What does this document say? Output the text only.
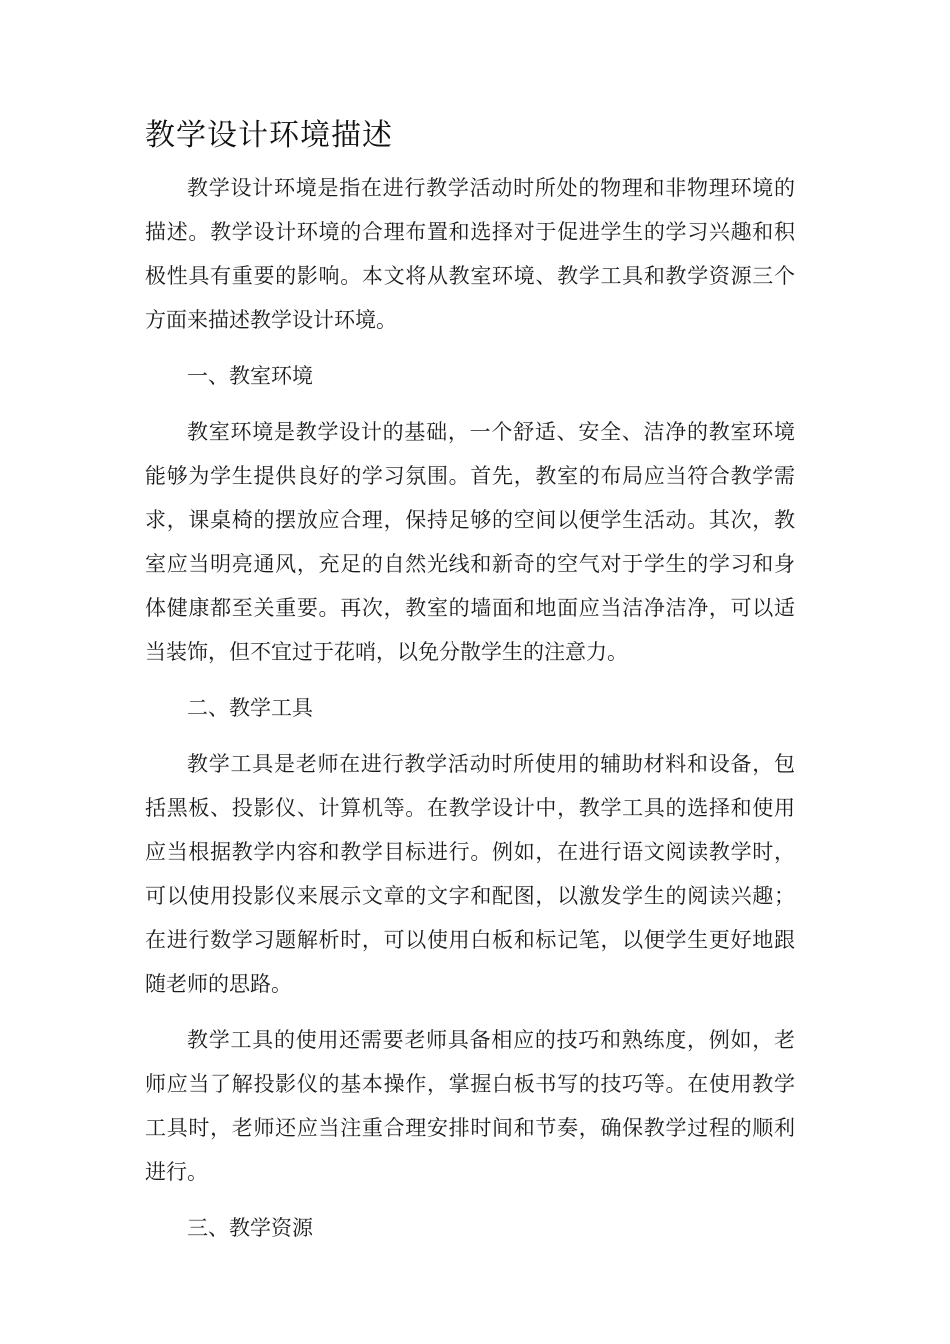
教学设计环境描述

教学设计环境是指在进行教学活动时所处的物理和非物理环境的描述。教学设计环境的合理布置和选择对于促进学生的学习兴趣和积极性具有重要的影响。本文将从教室环境、教学工具和教学资源三个方面来描述教学设计环境。

一、教室环境

教室环境是教学设计的基础，一个舒适、安全、洁净的教室环境能够为学生提供良好的学习氛围。首先，教室的布局应当符合教学需求，课桌椅的摆放应合理，保持足够的空间以便学生活动。其次，教室应当明亮通风，充足的自然光线和新奇的空气对于学生的学习和身体健康都至关重要。再次，教室的墙面和地面应当洁净洁净，可以适当装饰，但不宜过于花哨，以免分散学生的注意力。

二、教学工具

教学工具是老师在进行教学活动时所使用的辅助材料和设备，包括黑板、投影仪、计算机等。在教学设计中，教学工具的选择和使用应当根据教学内容和教学目标进行。例如，在进行语文阅读教学时，可以使用投影仪来展示文章的文字和配图，以激发学生的阅读兴趣；在进行数学习题解析时，可以使用白板和标记笔，以便学生更好地跟随老师的思路。

教学工具的使用还需要老师具备相应的技巧和熟练度，例如，老师应当了解投影仪的基本操作，掌握白板书写的技巧等。在使用教学工具时，老师还应当注重合理安排时间和节奏，确保教学过程的顺利进行。

三、教学资源
